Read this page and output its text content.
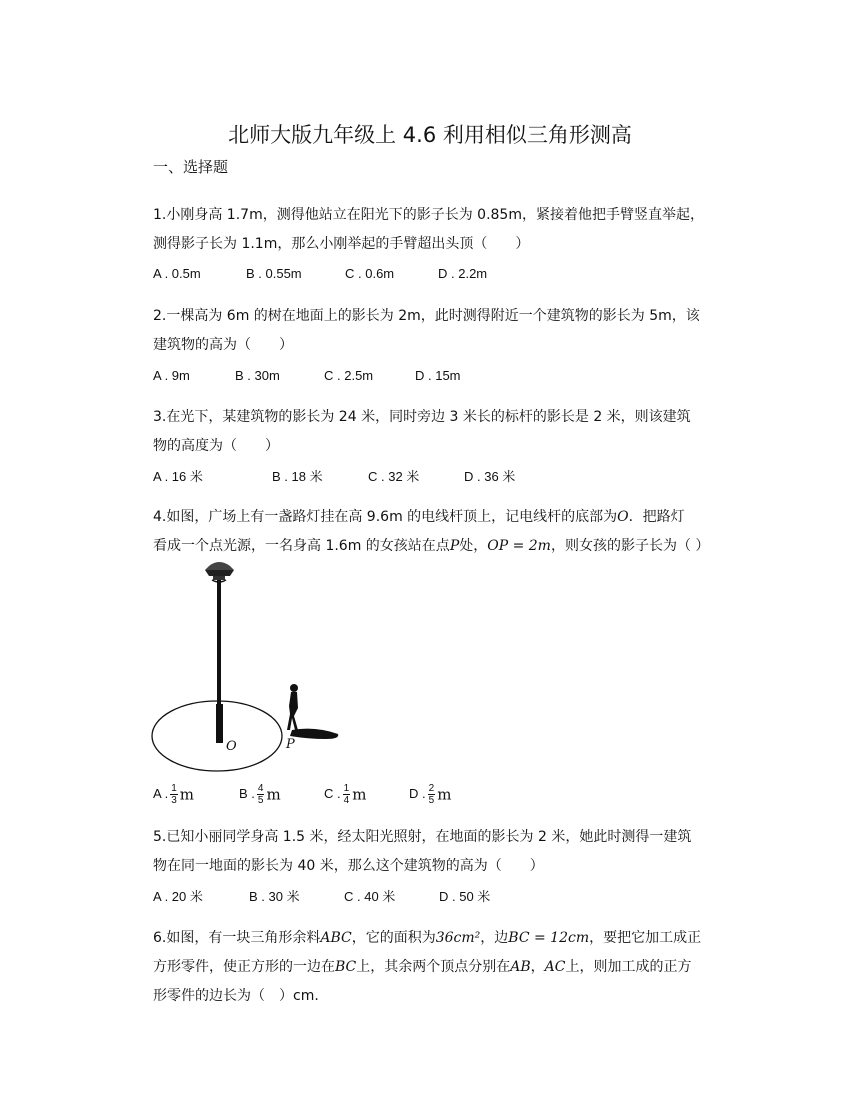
北师大版九年级上 4.6 利用相似三角形测高
一、选择题
1.小刚身高 1.7m，测得他站立在阳光下的影子长为 0.85m，紧接着他把手臂竖直举起，
测得影子长为 1.1m，那么小刚举起的手臂超出头顶（　　）
A . 0.5m	B . 0.55m	C . 0.6m	D . 2.2m
2.一棵高为 6m 的树在地面上的影长为 2m，此时测得附近一个建筑物的影长为 5m，该
建筑物的高为（　　）
A . 9m	B . 30m	C . 2.5m	D . 15m
3.在光下，某建筑物的影长为 24 米，同时旁边 3 米长的标杆的影长是 2 米，则该建筑
物的高度为（　　）
A . 16 米	B . 18 米	C . 32 米	D . 36 米
4.如图，广场上有一盏路灯挂在高 9.6m 的电线杆顶上，记电线杆的底部为O．把路灯
看成一个点光源，一名身高 1.6m 的女孩站在点P处，OP = 2m，则女孩的影子长为（ ）
O	P
A . $\frac{1}{3}$ m	B . $\frac{4}{5}$ m	C . $\frac{1}{4}$ m	D . $\frac{2}{5}$ m
5.已知小丽同学身高 1.5 米，经太阳光照射，在地面的影长为 2 米，她此时测得一建筑
物在同一地面的影长为 40 米，那么这个建筑物的高为（　　）
A . 20 米	B . 30 米	C . 40 米	D . 50 米
6.如图，有一块三角形余料ABC，它的面积为36cm²，边BC = 12cm，要把它加工成正
方形零件，使正方形的一边在BC上，其余两个顶点分别在AB，AC上，则加工成的正方
形零件的边长为（　）cm.
